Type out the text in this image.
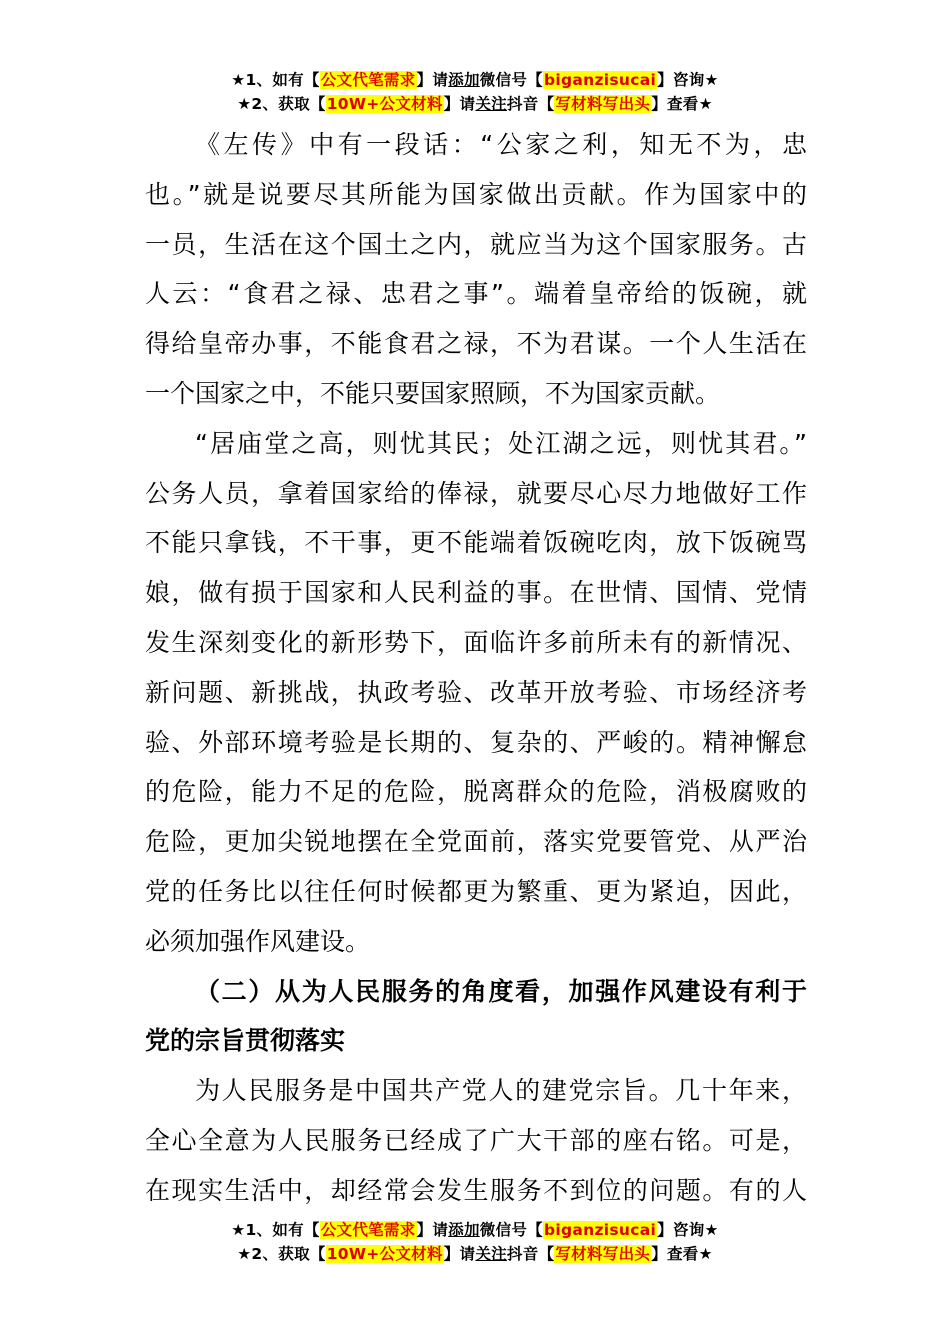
★1、如有【公文代笔需求】请添加微信号【biganzisucai】咨询★
★2、获取【10W+公文材料】请关注抖音【写材料写出头】查看★
《左传》中有一段话：“公家之利，知无不为，忠
也。”就是说要尽其所能为国家做出贡献。作为国家中的
一员，生活在这个国土之内，就应当为这个国家服务。古
人云：“食君之禄、忠君之事”。端着皇帝给的饭碗，就
得给皇帝办事，不能食君之禄，不为君谋。一个人生活在
一个国家之中，不能只要国家照顾，不为国家贡献。
“居庙堂之高，则忧其民；处江湖之远，则忧其君。”
公务人员，拿着国家给的俸禄，就要尽心尽力地做好工作
不能只拿钱，不干事，更不能端着饭碗吃肉，放下饭碗骂
娘，做有损于国家和人民利益的事。在世情、国情、党情
发生深刻变化的新形势下，面临许多前所未有的新情况、
新问题、新挑战，执政考验、改革开放考验、市场经济考
验、外部环境考验是长期的、复杂的、严峻的。精神懈怠
的危险，能力不足的危险，脱离群众的危险，消极腐败的
危险，更加尖锐地摆在全党面前，落实党要管党、从严治
党的任务比以往任何时候都更为繁重、更为紧迫，因此，
必须加强作风建设。
（二）从为人民服务的角度看，加强作风建设有利于
党的宗旨贯彻落实
为人民服务是中国共产党人的建党宗旨。几十年来，
全心全意为人民服务已经成了广大干部的座右铭。可是，
在现实生活中，却经常会发生服务不到位的问题。有的人
★1、如有【公文代笔需求】请添加微信号【biganzisucai】咨询★
★2、获取【10W+公文材料】请关注抖音【写材料写出头】查看★
